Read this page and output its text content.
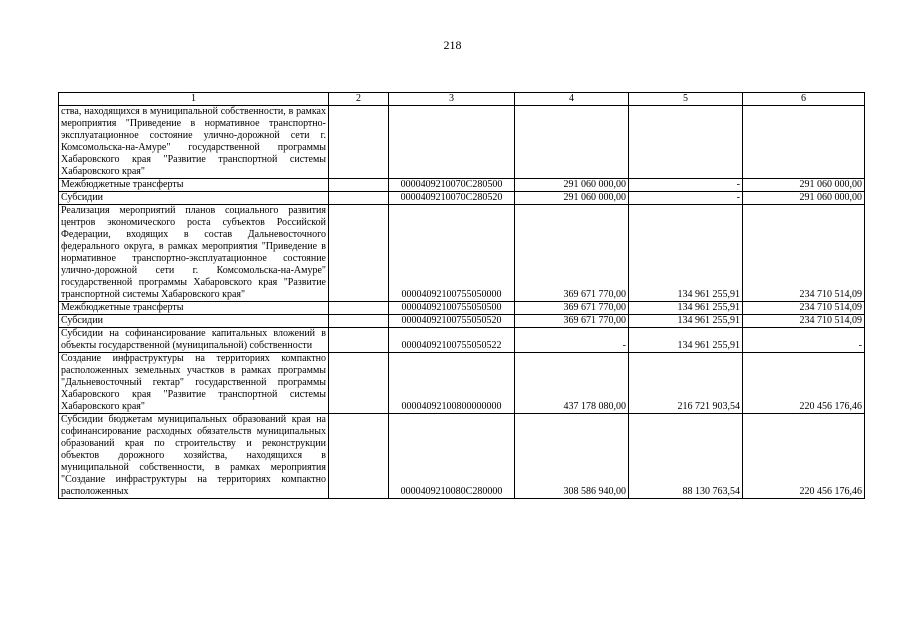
218
1	2	3	4	5	6
ства, находящихся в муниципальной собственности, в рамках мероприятия "Приведение в нормативное транспортно-эксплуатационное состояние улично-дорожной сети г. Комсомольска-на-Амуре" государственной программы Хабаровского края "Развитие транспортной системы Хабаровского края"					
Межбюджетные трансферты		0000409210070C280500	291 060 000,00	-	291 060 000,00
Субсидии		0000409210070C280520	291 060 000,00	-	291 060 000,00
Реализация мероприятий планов социального развития центров экономического роста субъектов Российской Федерации, входящих в состав Дальневосточного федерального округа, в рамках мероприятия "Приведение в нормативное транспортно-эксплуатационное состояние улично-дорожной сети г. Комсомольска-на-Амуре" государственной программы Хабаровского края "Развитие транспортной системы Хабаровского края"		00004092100755050000	369 671 770,00	134 961 255,91	234 710 514,09
Межбюджетные трансферты		00004092100755050500	369 671 770,00	134 961 255,91	234 710 514,09
Субсидии		00004092100755050520	369 671 770,00	134 961 255,91	234 710 514,09
Субсидии на софинансирование капитальных вложений в объекты государственной (муниципальной) собственности		00004092100755050522	-	134 961 255,91	-
Создание инфраструктуры на территориях компактно расположенных земельных участков в рамках программы "Дальневосточный гектар" государственной программы Хабаровского края "Развитие транспортной системы Хабаровского края"		00004092100800000000	437 178 080,00	216 721 903,54	220 456 176,46
Субсидии бюджетам муниципальных образований края на софинансирование расходных обязательств муниципальных образований края по строительству и реконструкции объектов дорожного хозяйства, находящихся в муниципальной собственности, в рамках мероприятия "Создание инфраструктуры на территориях компактно расположенных		0000409210080C280000	308 586 940,00	88 130 763,54	220 456 176,46
